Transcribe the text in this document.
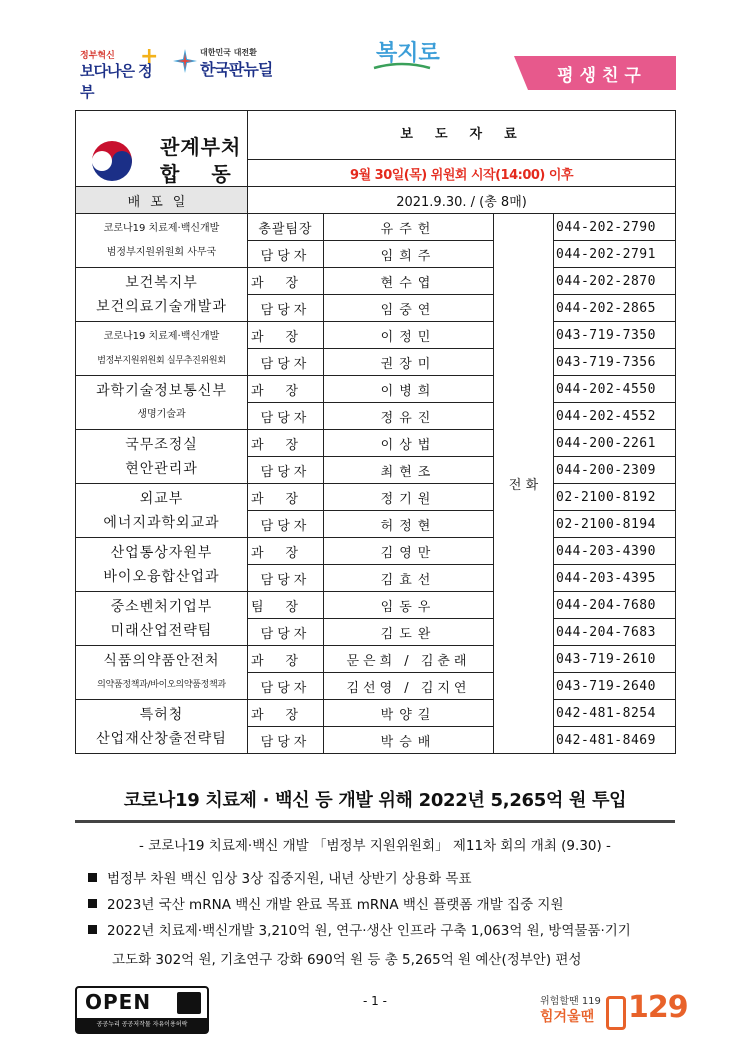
정부혁신
보다나은 정부
+	대한민국 대전환
한국판뉴딜
복지로
평생친구
관계부처
합 동	보도자료			
	9월 30일(목) 위원회 시작(14:00) 이후			
배포일	2021.9.30. / (총 8매)			

코로나19 치료제·백신개발
범정부지원위원회 사무국	총괄팀장	유주헌	전 화	044-202-2790
	담당자	임희주		044-202-2791

보건복지부
보건의료기술개발과	과장	현수엽		044-202-2870
	담당자	임중연		044-202-2865

코로나19 치료제·백신개발
범정부지원위원회 실무추진위원회	과장	이정민		043-719-7350
	담당자	권장미		043-719-7356

과학기술정보통신부
생명기술과	과장	이병희		044-202-4550
	담당자	정유진		044-202-4552

국무조정실
현안관리과	과장	이상법		044-200-2261
	담당자	최현조		044-200-2309

외교부
에너지과학외교과	과장	정기원		02-2100-8192
	담당자	허정현		02-2100-8194

산업통상자원부
바이오융합산업과	과장	김영만		044-203-4390
	담당자	김효선		044-203-4395

중소벤처기업부
미래산업전략팀	팀장	임동우		044-204-7680
	담당자	김도완		044-204-7683

식품의약품안전처
의약품정책과/바이오의약품정책과	과장	문은희 / 김춘래		043-719-2610
	담당자	김선영 / 김지연		043-719-2640

특허청
산업재산창출전략팀	과장	박양길		042-481-8254
	담당자	박승배		042-481-8469
코로나19 치료제 · 백신 등 개발 위해 2022년 5,265억 원 투입
- 코로나19 치료제·백신 개발 「범정부 지원위원회」 제11차 회의 개최 (9.30) -
범정부 차원 백신 임상 3상 집중지원, 내년 상반기 상용화 목표
2023년 국산 mRNA 백신 개발 완료 목표 mRNA 백신 플랫폼 개발 집중 지원
2022년 치료제·백신개발 3,210억 원, 연구·생산 인프라 구축 1,063억 원, 방역물품·기기
고도화 302억 원, 기초연구 강화 690억 원 등 총 5,265억 원 예산(정부안) 편성
OPEN
공공누리 공공저작물 자유이용허락
- 1 -	위험할땐 119
힘겨울땐 129
